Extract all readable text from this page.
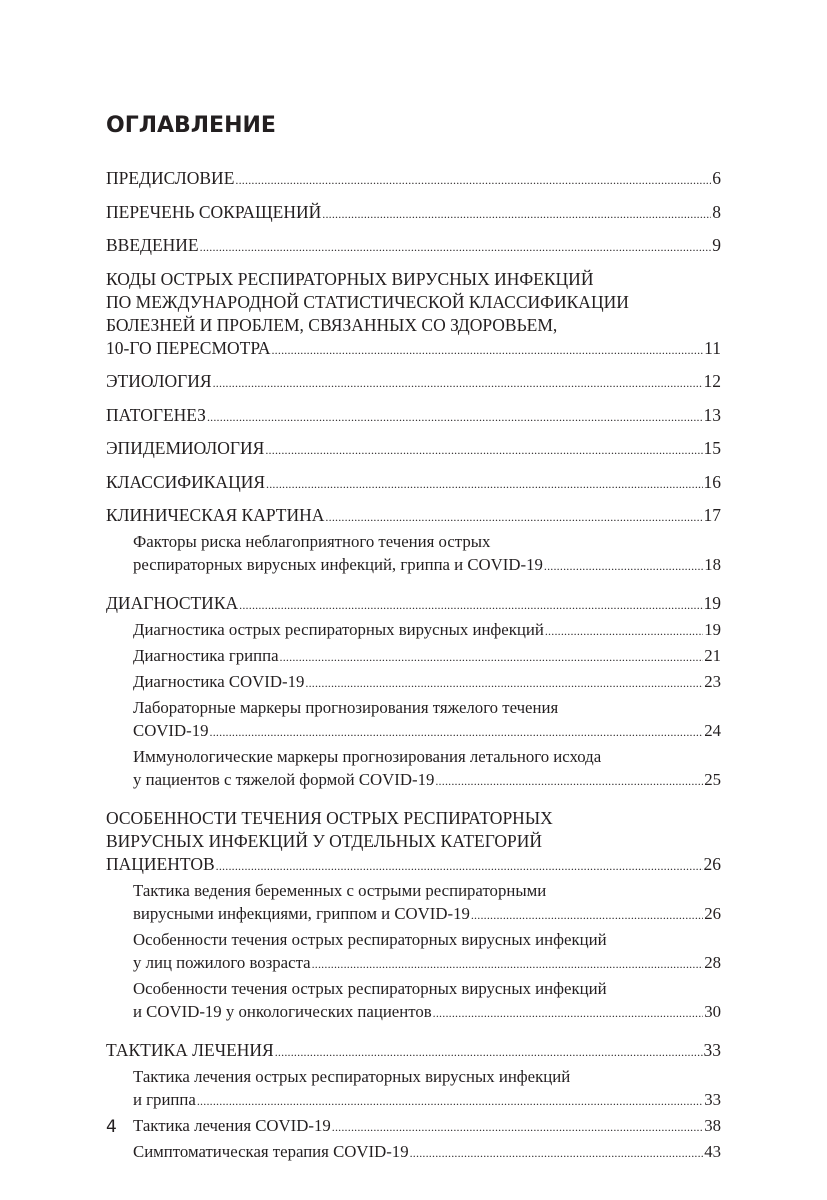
ОГЛАВЛЕНИЕ
ПРЕДИСЛОВИЕ .....	6
ПЕРЕЧЕНЬ СОКРАЩЕНИЙ .....	8
ВВЕДЕНИЕ .....	9
КОДЫ ОСТРЫХ РЕСПИРАТОРНЫХ ВИРУСНЫХ ИНФЕКЦИЙ
ПО МЕЖДУНАРОДНОЙ СТАТИСТИЧЕСКОЙ КЛАССИФИКАЦИИ
БОЛЕЗНЕЙ И ПРОБЛЕМ, СВЯЗАННЫХ СО ЗДОРОВЬЕМ,
10-ГО ПЕРЕСМОТРА .....	11
ЭТИОЛОГИЯ .....	12
ПАТОГЕНЕЗ .....	13
ЭПИДЕМИОЛОГИЯ .....	15
КЛАССИФИКАЦИЯ .....	16
КЛИНИЧЕСКАЯ КАРТИНА .....	17
Факторы риска неблагоприятного течения острых
респираторных вирусных инфекций, гриппа и COVID-19 .....	18
ДИАГНОСТИКА .....	19
Диагностика острых респираторных вирусных инфекций .....	19
Диагностика гриппа .....	21
Диагностика COVID-19 .....	23
Лабораторные маркеры прогнозирования тяжелого течения
COVID-19 .....	24
Иммунологические маркеры прогнозирования летального исхода
у пациентов с тяжелой формой COVID-19 .....	25
ОСОБЕННОСТИ ТЕЧЕНИЯ ОСТРЫХ РЕСПИРАТОРНЫХ
ВИРУСНЫХ ИНФЕКЦИЙ У ОТДЕЛЬНЫХ КАТЕГОРИЙ
ПАЦИЕНТОВ .....	26
Тактика ведения беременных с острыми респираторными
вирусными инфекциями, гриппом и COVID-19 .....	26
Особенности течения острых респираторных вирусных инфекций
у лиц пожилого возраста .....	28
Особенности течения острых респираторных вирусных инфекций
и COVID-19 у онкологических пациентов .....	30
ТАКТИКА ЛЕЧЕНИЯ .....	33
Тактика лечения острых респираторных вирусных инфекций
и гриппа .....	33
Тактика лечения COVID-19 .....	38
Симптоматическая терапия COVID-19 .....	43
4
